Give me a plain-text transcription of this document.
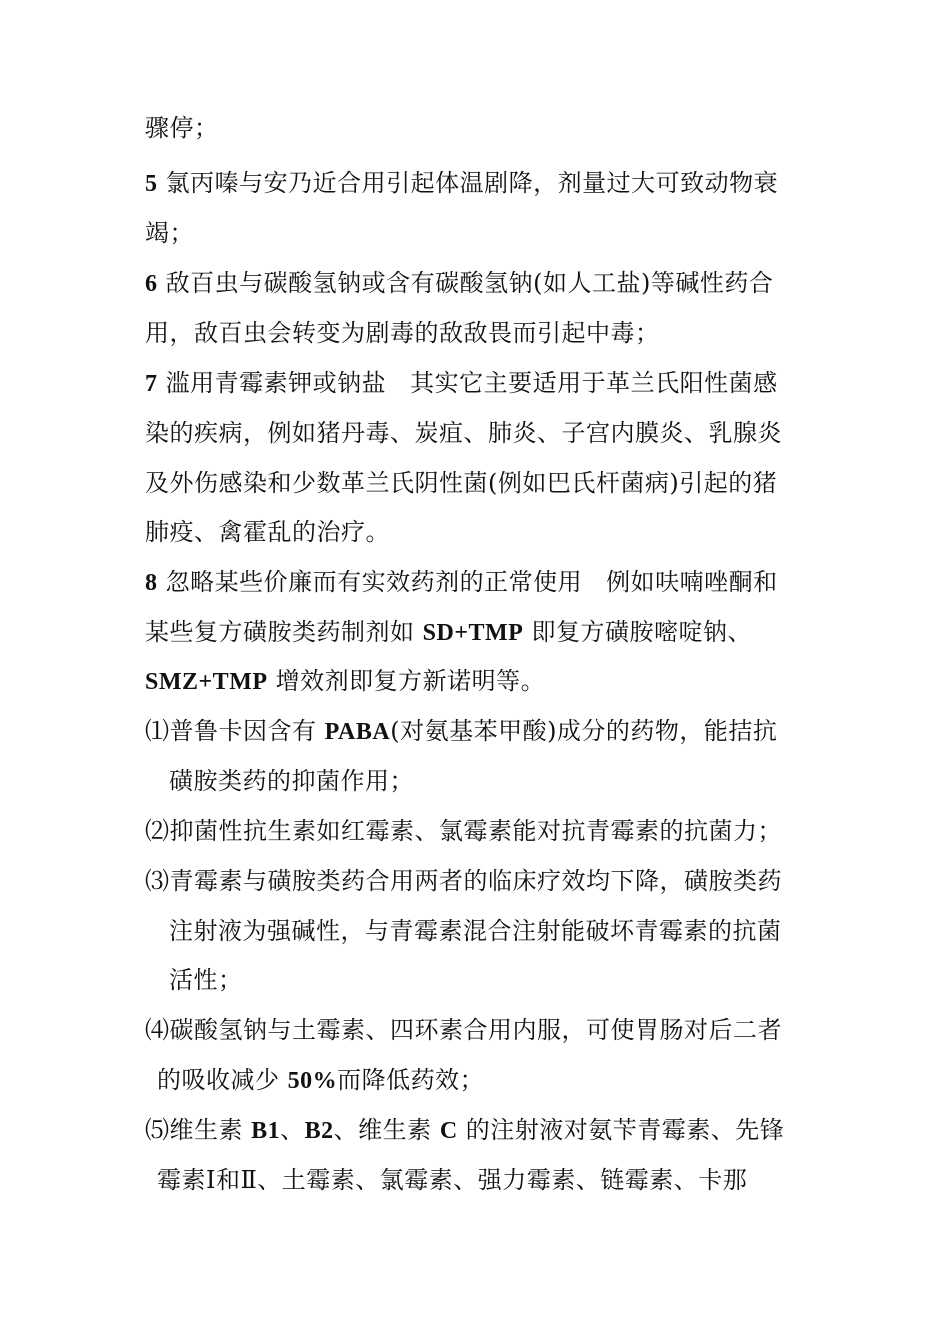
骤停；
5 氯丙嗪与安乃近合用引起体温剧降，剂量过大可致动物衰
竭；
6 敌百虫与碳酸氢钠或含有碳酸氢钠(如人工盐)等碱性药合
用，敌百虫会转变为剧毒的敌敌畏而引起中毒；
7 滥用青霉素钾或钠盐 其实它主要适用于革兰氏阳性菌感
染的疾病，例如猪丹毒、炭疽、肺炎、子宫内膜炎、乳腺炎
及外伤感染和少数革兰氏阴性菌(例如巴氏杆菌病)引起的猪
肺疫、禽霍乱的治疗。
8 忽略某些价廉而有实效药剂的正常使用 例如呋喃唑酮和
某些复方磺胺类药制剂如 SD+TMP 即复方磺胺嘧啶钠、
SMZ+TMP 增效剂即复方新诺明等。
⑴普鲁卡因含有 PABA(对氨基苯甲酸)成分的药物，能拮抗
磺胺类药的抑菌作用；
⑵抑菌性抗生素如红霉素、氯霉素能对抗青霉素的抗菌力；
⑶青霉素与磺胺类药合用两者的临床疗效均下降，磺胺类药
注射液为强碱性，与青霉素混合注射能破坏青霉素的抗菌
活性；
⑷碳酸氢钠与土霉素、四环素合用内服，可使胃肠对后二者
的吸收减少 50%而降低药效；
⑸维生素 B1、B2、维生素 C 的注射液对氨苄青霉素、先锋
霉素Ⅰ和Ⅱ、土霉素、氯霉素、强力霉素、链霉素、卡那
